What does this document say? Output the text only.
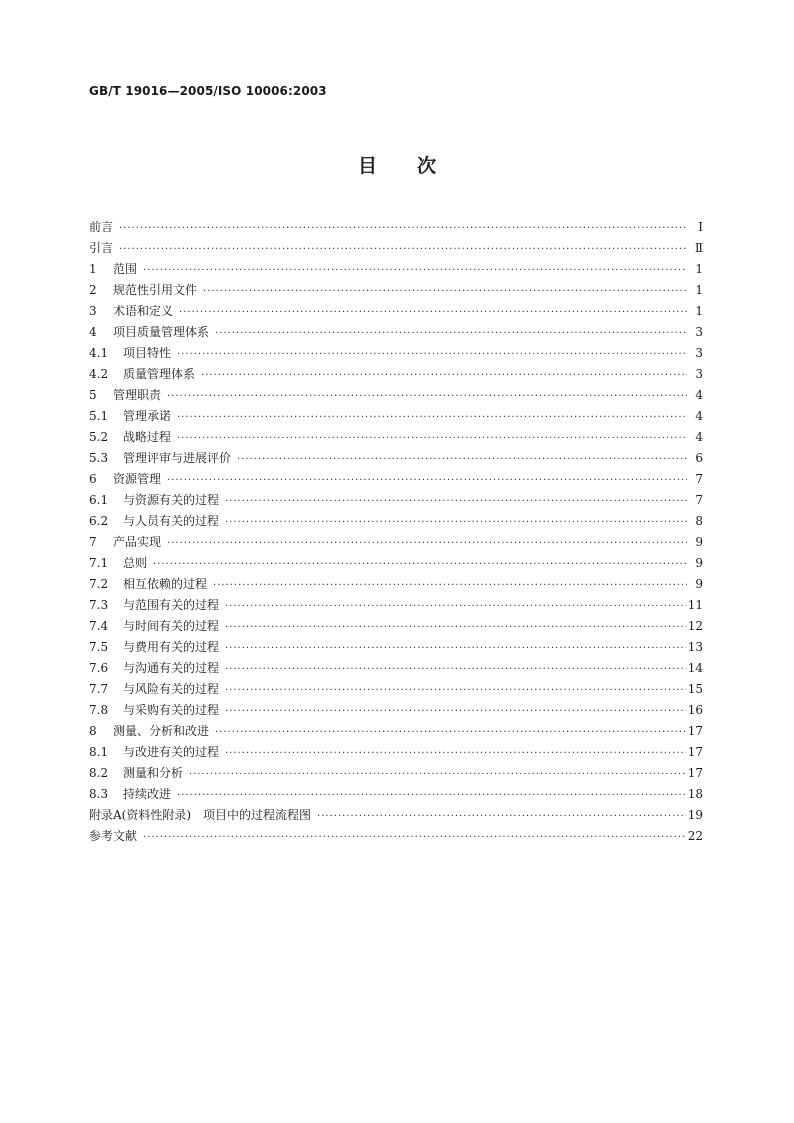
GB/T 19016—2005/ISO 10006:2003
目次
前言 ·····	I
引言 ·····	Ⅱ
1	范围 ·····	1
2	规范性引用文件 ·····	1
3	术语和定义 ·····	1
4	项目质量管理体系 ·····	3
4.1	项目特性 ·····	3
4.2	质量管理体系 ·····	3
5	管理职责 ·····	4
5.1	管理承诺 ·····	4
5.2	战略过程 ·····	4
5.3	管理评审与进展评价 ·····	6
6	资源管理 ·····	7
6.1	与资源有关的过程 ·····	7
6.2	与人员有关的过程 ·····	8
7	产品实现 ·····	9
7.1	总则 ·····	9
7.2	相互依赖的过程 ·····	9
7.3	与范围有关的过程 ·····	11
7.4	与时间有关的过程 ·····	12
7.5	与费用有关的过程 ·····	13
7.6	与沟通有关的过程 ·····	14
7.7	与风险有关的过程 ·····	15
7.8	与采购有关的过程 ·····	16
8	测量、分析和改进 ·····	17
8.1	与改进有关的过程 ·····	17
8.2	测量和分析 ·····	17
8.3	持续改进 ·····	18
附录A(资料性附录)　项目中的过程流程图 ·····	19
参考文献 ·····	22
